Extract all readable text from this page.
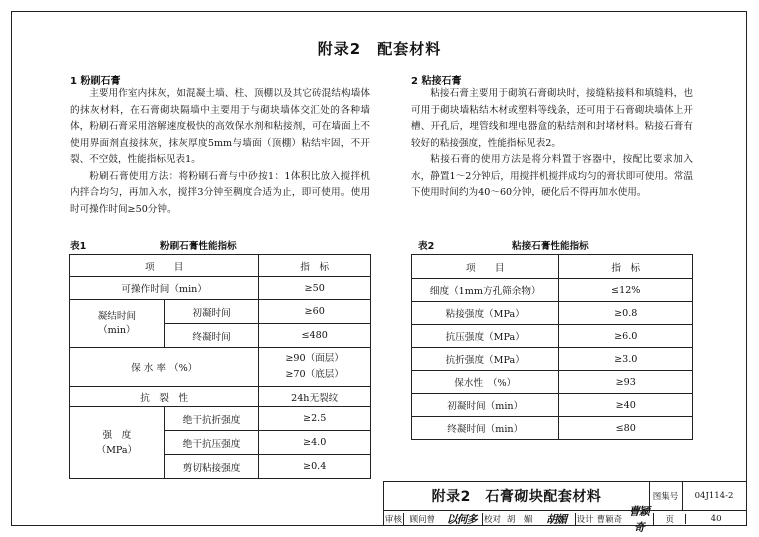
附录2　配套材料
1 粉刷石膏

主要用作室内抹灰，如混凝土墙、柱、顶棚以及其它砖混结构墙体的抹灰材料，在石膏砌块隔墙中主要用于与砌块墙体交汇处的各种墙体，粉刷石膏采用溶解速度极快的高效保水剂和粘接剂，可在墙面上不使用界面剂直接抹灰，抹灰厚度5mm与墙面（顶棚）粘结牢固，不开裂、不空鼓，性能指标见表1。

粉刷石膏使用方法：将粉刷石膏与中砂按1：1体积比放入搅拌机内拌合均匀，再加入水，搅拌3分钟至稠度合适为止，即可使用。使用时可操作时间≥50分钟。

2 粘接石膏

粘接石膏主要用于砌筑石膏砌块时，接缝粘接料和填缝料，也可用于砌块墙粘结木材或塑料等线条，还可用于石膏砌块墙体上开槽、开孔后，埋管线和埋电器盒的粘结剂和封堵材料。粘接石膏有较好的粘接强度，性能指标见表2。

粘接石膏的使用方法是将分料置于容器中，按配比要求加入水，静置1～2分钟后，用搅拌机搅拌成均匀的膏状即可使用。常温下使用时间约为40～60分钟，硬化后不得再加水使用。

表1	粉刷石膏性能指标
项　　目		指　标
可操作时间（min）		≥50
凝结时间
（min）	初凝时间	≥60
	终凝时间	≤480
保 水 率 （%）		≥90（面层）
≥70（底层）
抗　裂　性		24h无裂纹
强　度
（MPa）	绝干抗折强度	≥2.5
	绝干抗压强度	≥4.0
	剪切粘接强度	≥0.4
表2	粘接石膏性能指标
项　　目	指　标
细度（1mm方孔筛余物）	≤12%
粘接强度（MPa）	≥0.8
抗压强度（MPa）	≥6.0
抗折强度（MPa）	≥3.0
保水性　（%）	≥93
初凝时间（min）	≥40
终凝时间（min）	≤80
附录2　石膏砌块配套材料	图集号	04J114-2
审核 顾问曾	以何多 校对 胡　媚	胡媚	设计 曹颖奇
曹颖奇
页	40
